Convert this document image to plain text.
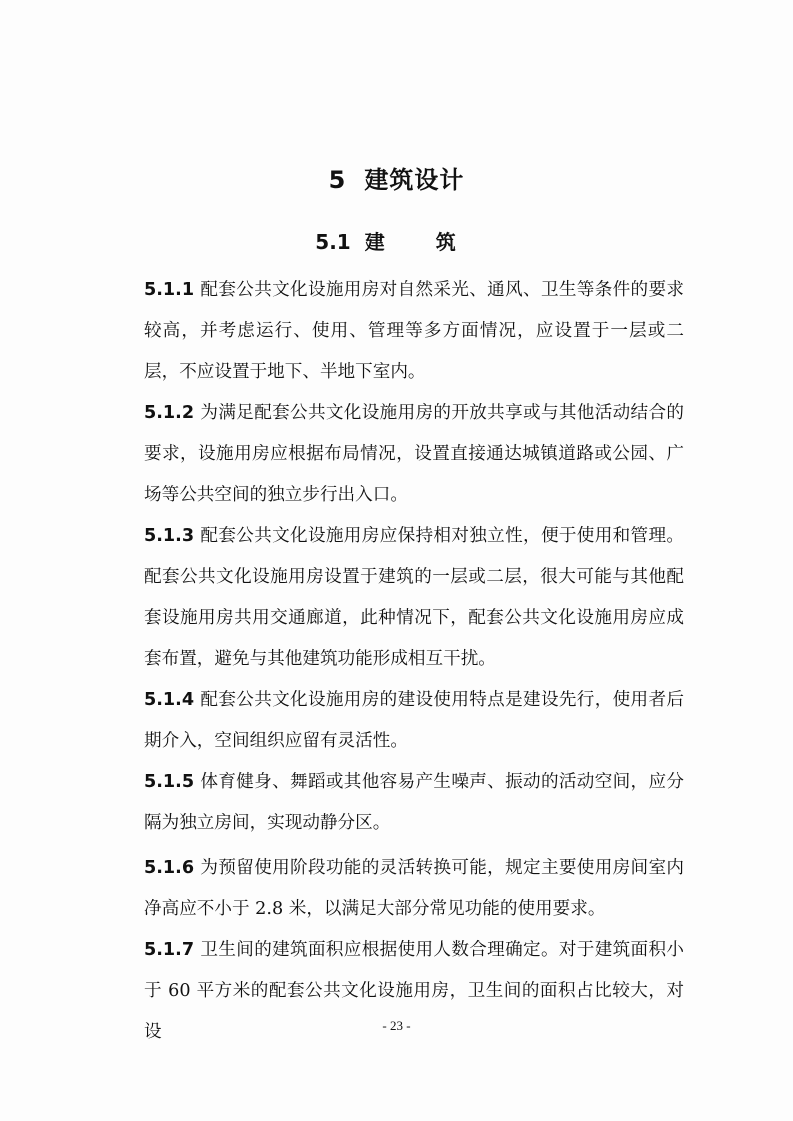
5 建筑设计
5.1 建 筑

5.1.1 配套公共文化设施用房对自然采光、通风、卫生等条件的要求较高，并考虑运行、使用、管理等多方面情况，应设置于一层或二层，不应设置于地下、半地下室内。

5.1.2 为满足配套公共文化设施用房的开放共享或与其他活动结合的要求，设施用房应根据布局情况，设置直接通达城镇道路或公园、广场等公共空间的独立步行出入口。

5.1.3 配套公共文化设施用房应保持相对独立性，便于使用和管理。配套公共文化设施用房设置于建筑的一层或二层，很大可能与其他配套设施用房共用交通廊道，此种情况下，配套公共文化设施用房应成套布置，避免与其他建筑功能形成相互干扰。

5.1.4 配套公共文化设施用房的建设使用特点是建设先行，使用者后期介入，空间组织应留有灵活性。

5.1.5 体育健身、舞蹈或其他容易产生噪声、振动的活动空间，应分隔为独立房间，实现动静分区。

5.1.6 为预留使用阶段功能的灵活转换可能，规定主要使用房间室内净高应不小于 2.8 米，以满足大部分常见功能的使用要求。

5.1.7 卫生间的建筑面积应根据使用人数合理确定。对于建筑面积小于 60 平方米的配套公共文化设施用房，卫生间的面积占比较大，对设	- 23 -
